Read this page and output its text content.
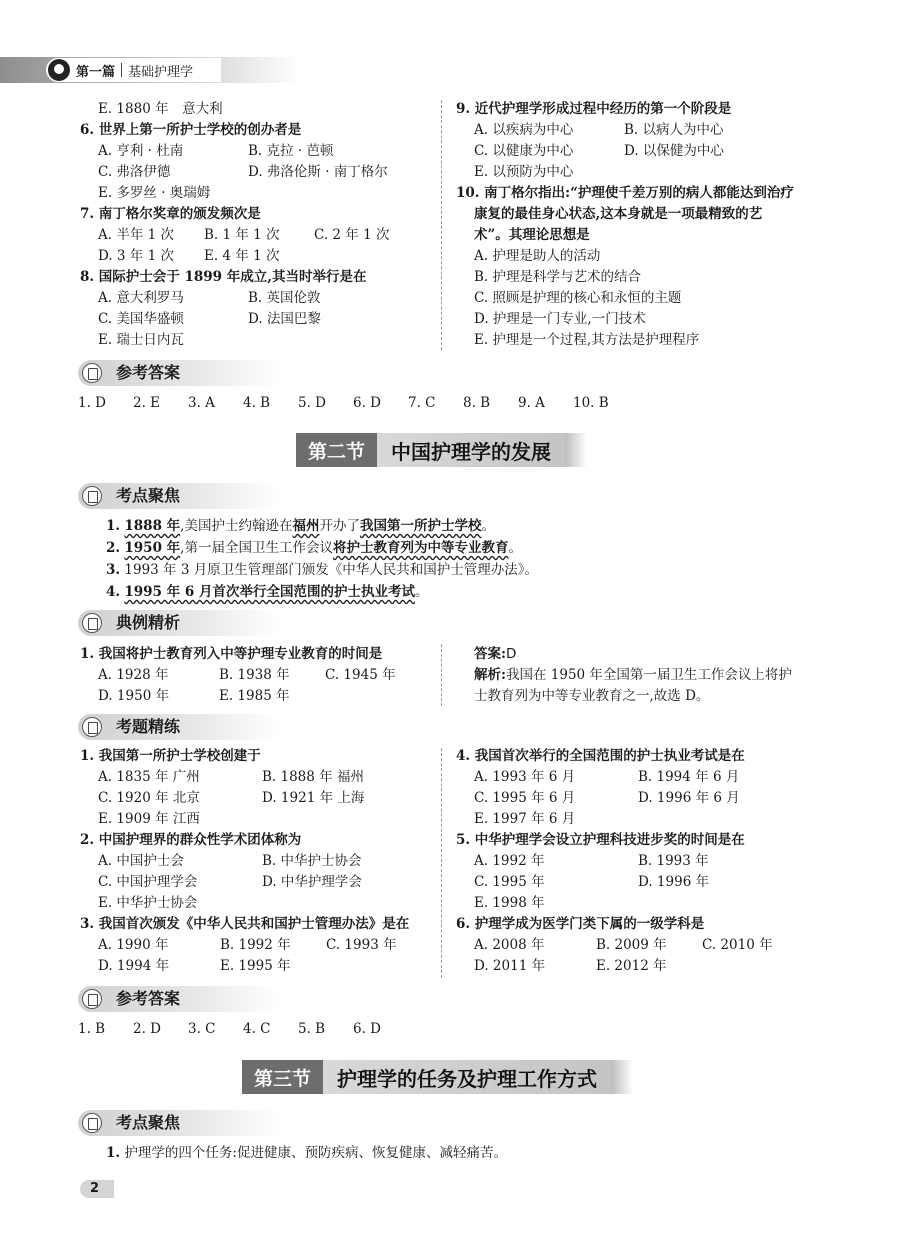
第一篇 基础护理学
E. 1880 年　意大利
6. 世界上第一所护士学校的创办者是
A. 亨利 · 杜南	B. 克拉 · 芭顿
C. 弗洛伊德	D. 弗洛伦斯 · 南丁格尔
E. 多罗丝 · 奥瑞姆
7. 南丁格尔奖章的颁发频次是
A. 半年 1 次 B. 1 年 1 次	C. 2 年 1 次
D. 3 年 1 次 E. 4 年 1 次
8. 国际护士会于 1899 年成立,其当时举行是在
A. 意大利罗马	B. 英国伦敦
C. 美国华盛顿	D. 法国巴黎
E. 瑞士日内瓦
9. 近代护理学形成过程中经历的第一个阶段是
A. 以疾病为中心	B. 以病人为中心
C. 以健康为中心	D. 以保健为中心
E. 以预防为中心
10. 南丁格尔指出:“护理使千差万别的病人都能达到治疗
康复的最佳身心状态,这本身就是一项最精致的艺
术”。其理论思想是
A. 护理是助人的活动
B. 护理是科学与艺术的结合
C. 照顾是护理的核心和永恒的主题
D. 护理是一门专业,一门技术
E. 护理是一个过程,其方法是护理程序
参考答案
1. D 2. E 3. A 4. B 5. D 6. D 7. C 8. B 9. A 10. B
第二节	中国护理学的发展
考点聚焦
1. 1888 年,美国护士约翰逊在福州开办了我国第一所护士学校。
2. 1950 年,第一届全国卫生工作会议将护士教育列为中等专业教育。
3. 1993 年 3 月原卫生管理部门颁发《中华人民共和国护士管理办法》。
4. 1995 年 6 月首次举行全国范围的护士执业考试。
典例精析
1. 我国将护士教育列入中等护理专业教育的时间是
A. 1928 年	B. 1938 年	C. 1945 年
D. 1950 年	E. 1985 年
答案:D
解析:我国在 1950 年全国第一届卫生工作会议上将护
士教育列为中等专业教育之一,故选 D。
考题精练
1. 我国第一所护士学校创建于
A. 1835 年 广州	B. 1888 年 福州
C. 1920 年 北京	D. 1921 年 上海
E. 1909 年 江西
2. 中国护理界的群众性学术团体称为
A. 中国护士会	B. 中华护士协会
C. 中国护理学会	D. 中华护理学会
E. 中华护士协会
3. 我国首次颁发《中华人民共和国护士管理办法》是在
A. 1990 年	B. 1992 年	C. 1993 年
D. 1994 年	E. 1995 年
4. 我国首次举行的全国范围的护士执业考试是在
A. 1993 年 6 月	B. 1994 年 6 月
C. 1995 年 6 月	D. 1996 年 6 月
E. 1997 年 6 月
5. 中华护理学会设立护理科技进步奖的时间是在
A. 1992 年	B. 1993 年
C. 1995 年	D. 1996 年
E. 1998 年
6. 护理学成为医学门类下属的一级学科是
A. 2008 年	B. 2009 年	C. 2010 年
D. 2011 年	E. 2012 年
参考答案
1. B 2. D 3. C 4. C 5. B 6. D
第三节	护理学的任务及护理工作方式
考点聚焦
1. 护理学的四个任务:促进健康、预防疾病、恢复健康、减轻痛苦。
2
